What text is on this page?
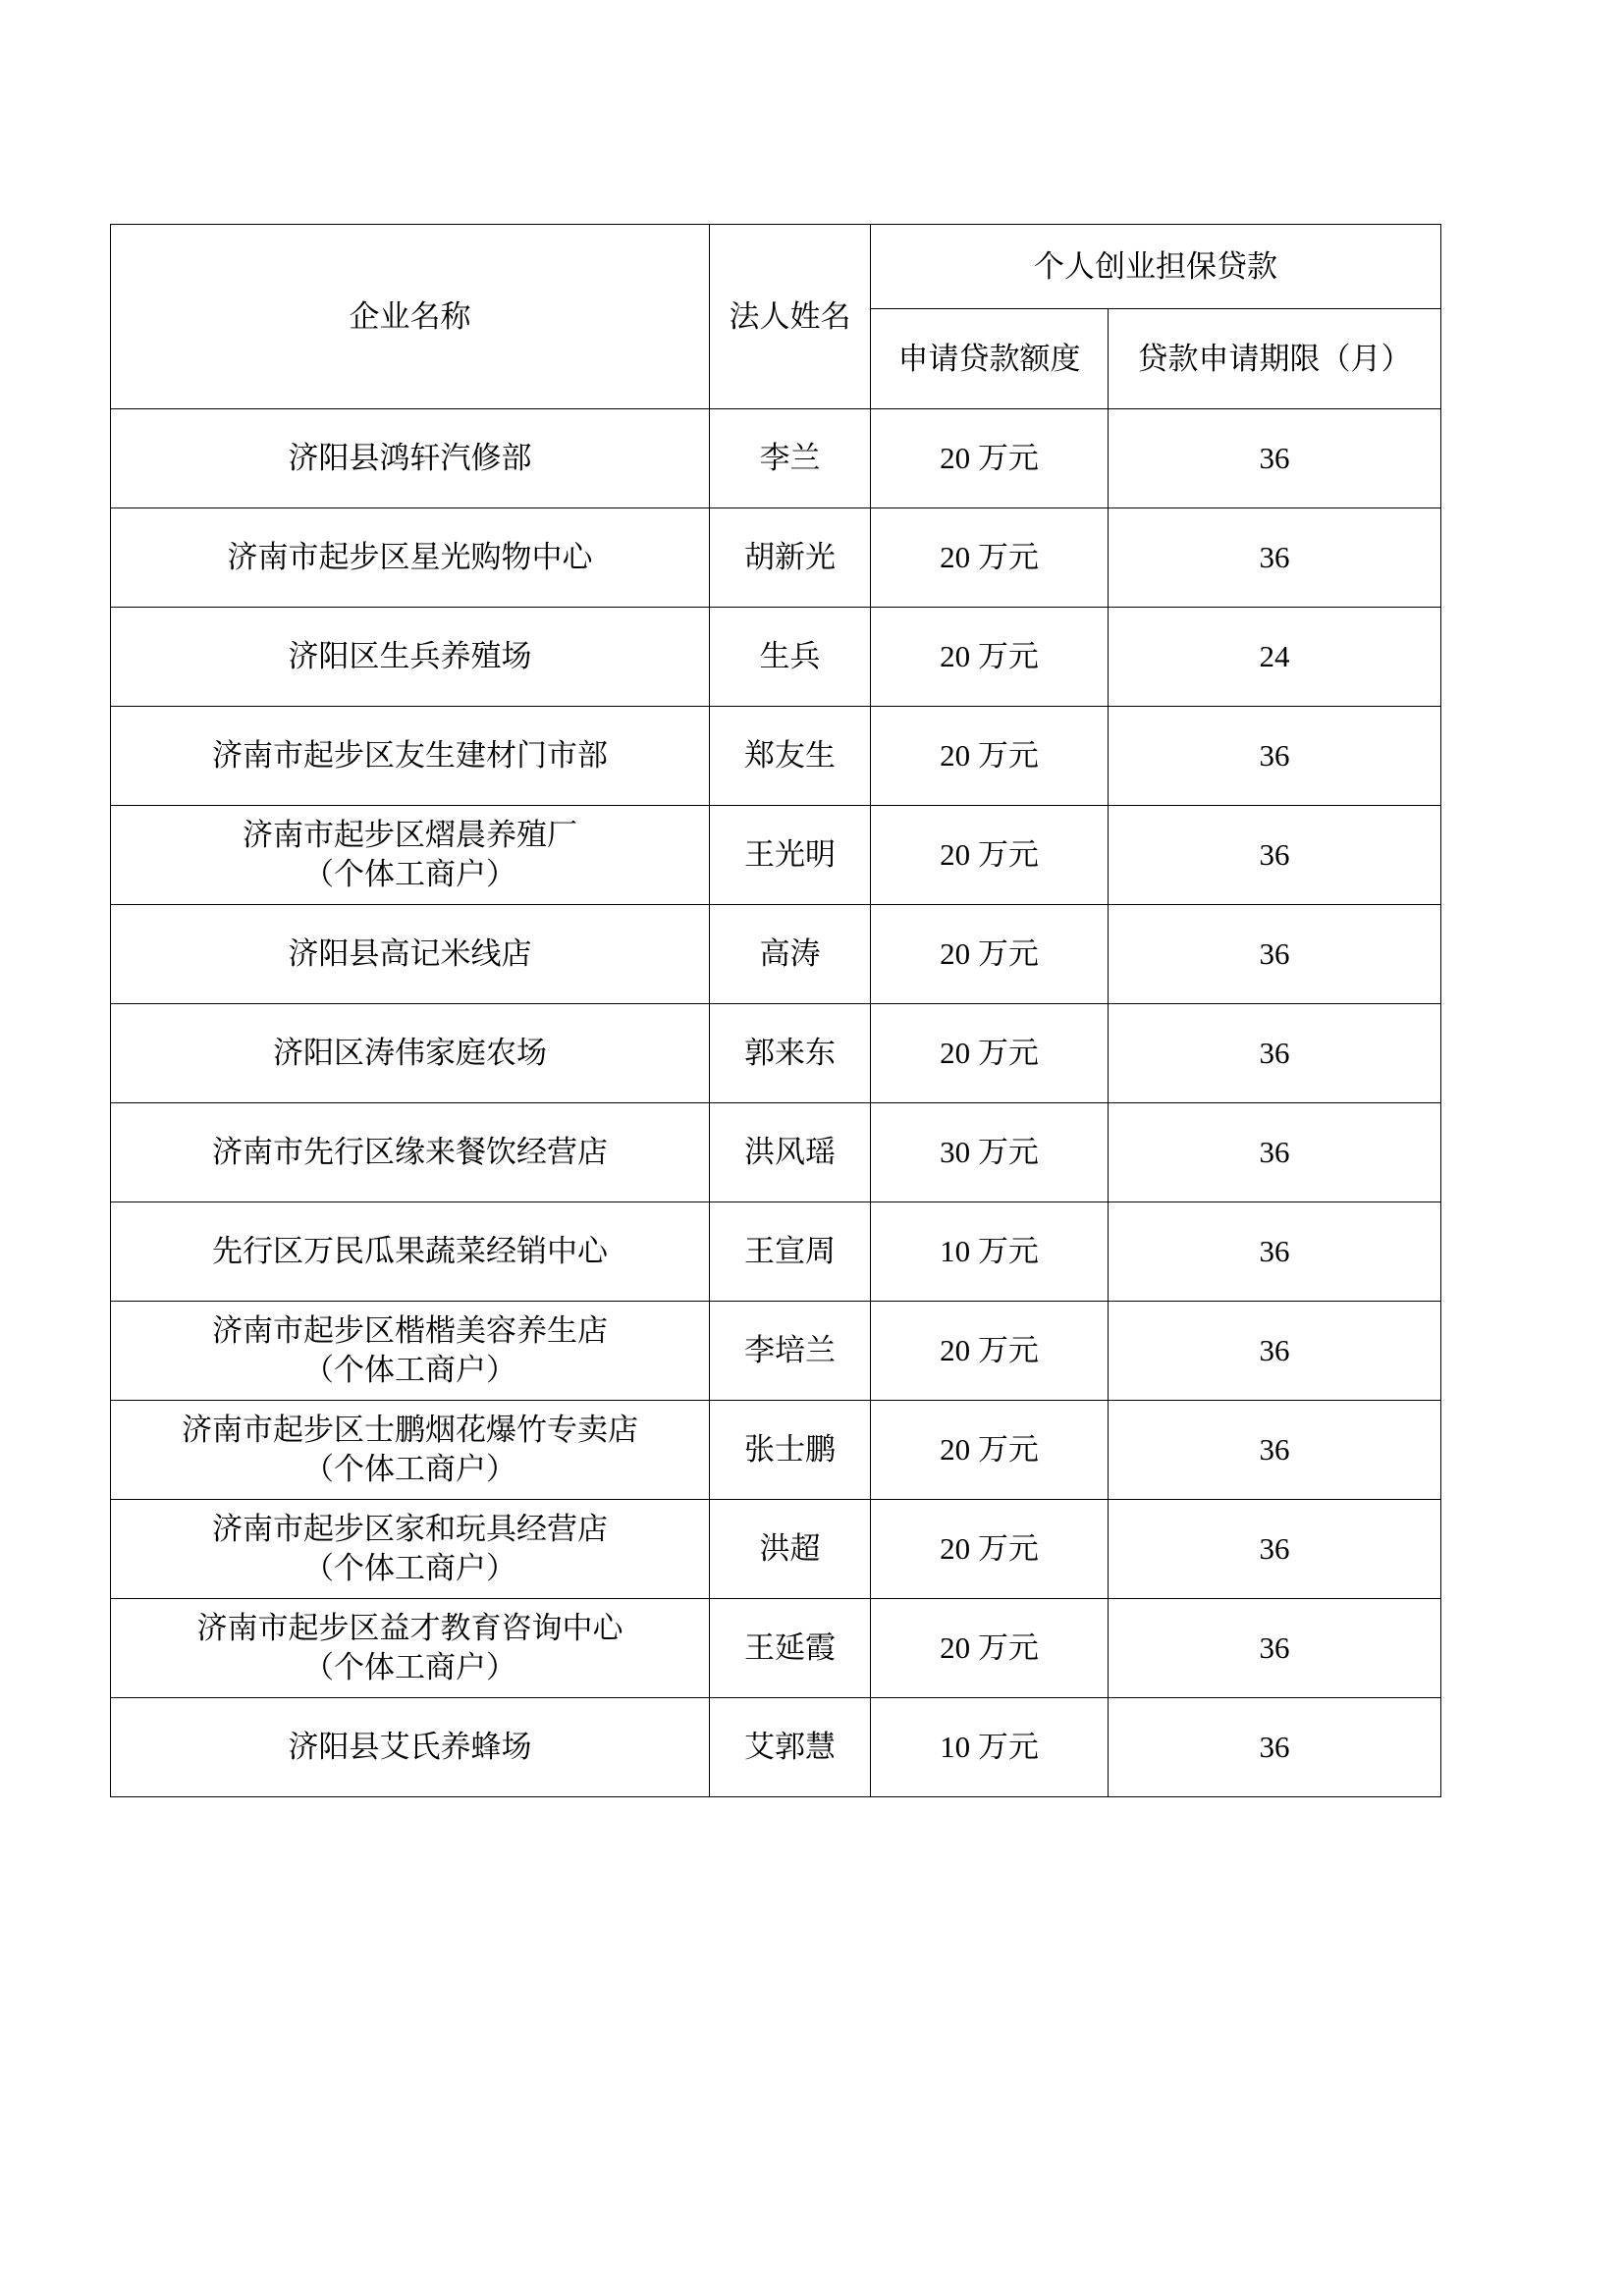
企业名称	法人姓名	个人创业担保贷款	
		申请贷款额度	贷款申请期限（月）

济阳县鸿轩汽修部	李兰	20 万元	36

济南市起步区星光购物中心	胡新光	20 万元	36

济阳区生兵养殖场	生兵	20 万元	24

济南市起步区友生建材门市部	郑友生	20 万元	36

济南市起步区熠晨养殖厂
（个体工商户）	王光明	20 万元	36

济阳县高记米线店	高涛	20 万元	36

济阳区涛伟家庭农场	郭来东	20 万元	36

济南市先行区缘来餐饮经营店	洪风瑶	30 万元	36

先行区万民瓜果蔬菜经销中心	王宣周	10 万元	36

济南市起步区楷楷美容养生店
（个体工商户）	李培兰	20 万元	36

济南市起步区士鹏烟花爆竹专卖店
（个体工商户）	张士鹏	20 万元	36

济南市起步区家和玩具经营店
（个体工商户）	洪超	20 万元	36

济南市起步区益才教育咨询中心
（个体工商户）	王延霞	20 万元	36

济阳县艾氏养蜂场	艾郭慧	10 万元	36
